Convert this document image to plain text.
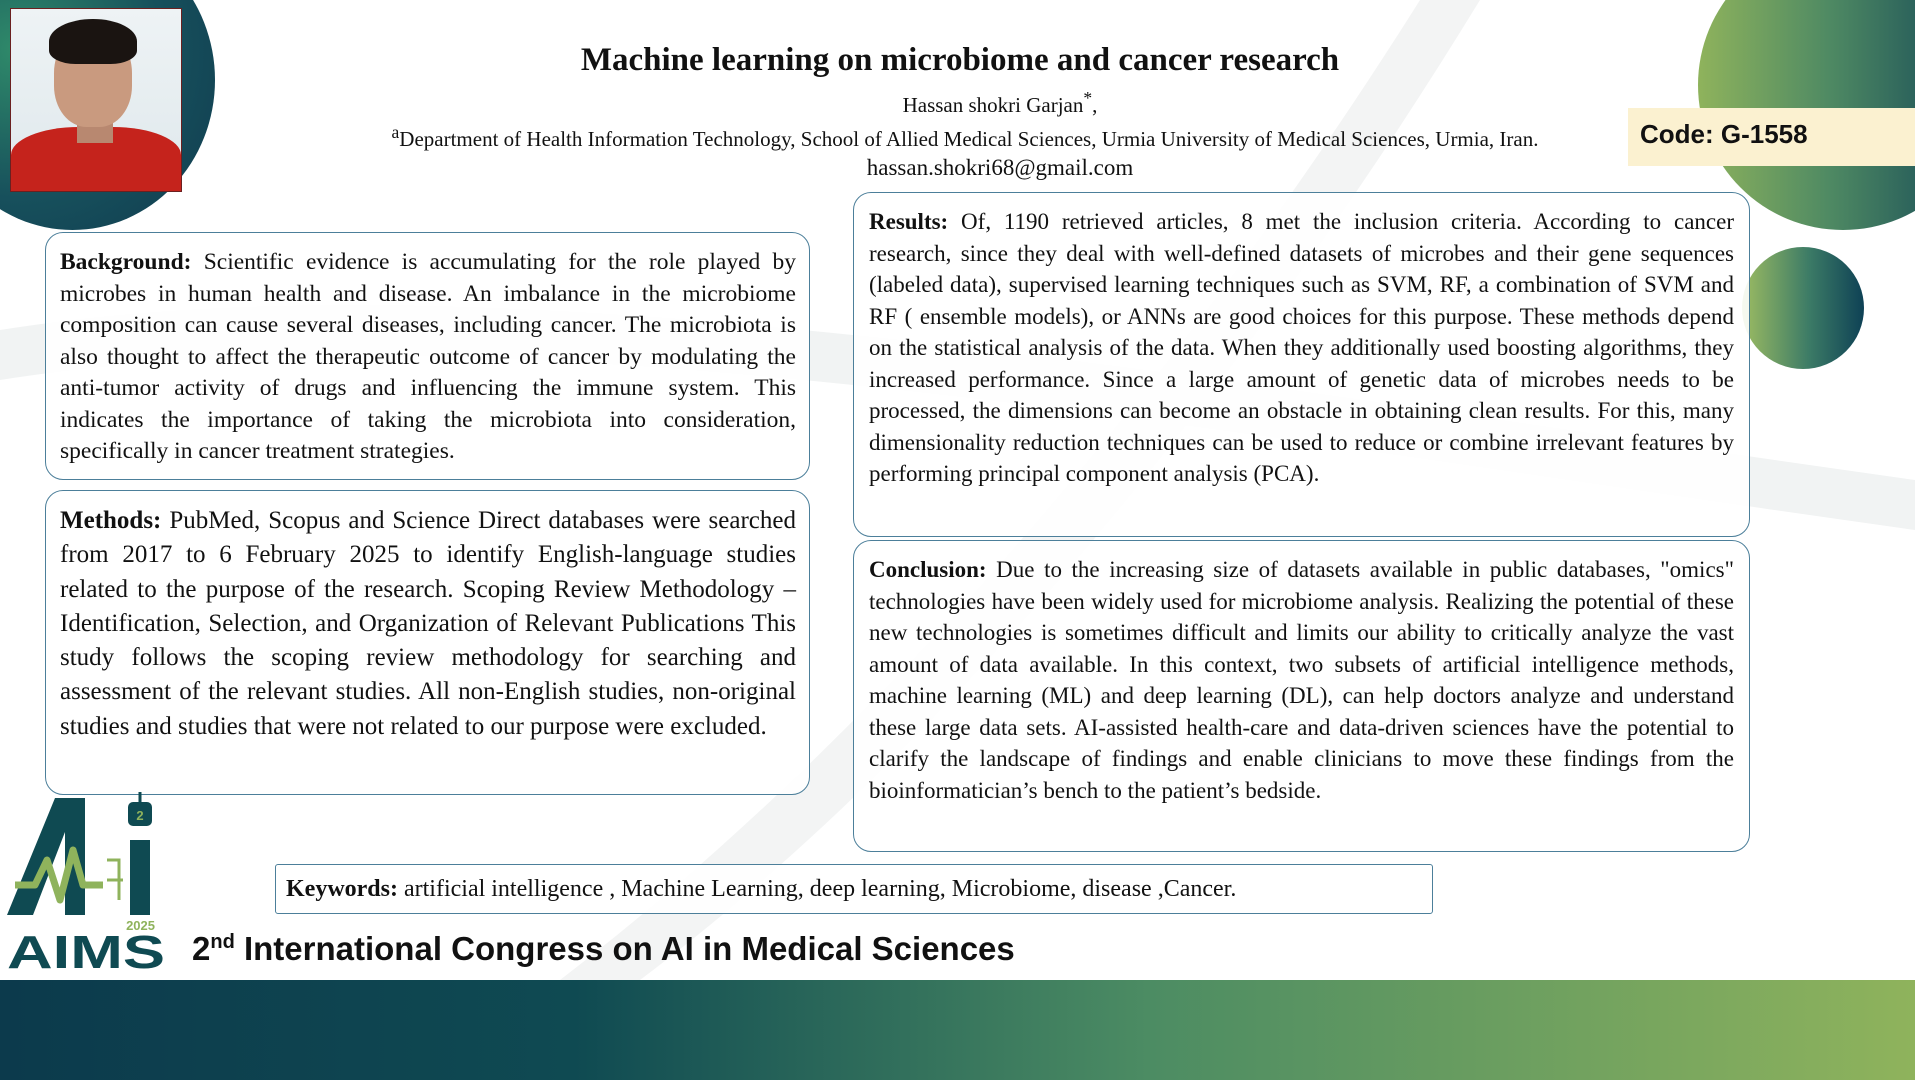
Machine learning on microbiome and cancer research
Hassan shokri Garjan*,
$^a$Department of Health Information Technology, School of Allied Medical Sciences, Urmia University of Medical Sciences, Urmia, Iran.
hassan.shokri68@gmail.com
Code: G-1558
Background: Scientific evidence is accumulating for the role played by microbes in human health and disease. An imbalance in the microbiome composition can cause several diseases, including cancer. The microbiota is also thought to affect the therapeutic outcome of cancer by modulating the anti-tumor activity of drugs and influencing the immune system. This indicates the importance of taking the microbiota into consideration, specifically in cancer treatment strategies.
Methods: PubMed, Scopus and Science Direct databases were searched from 2017 to 6 February 2025 to identify English-language studies related to the purpose of the research. Scoping Review Methodology – Identification, Selection, and Organization of Relevant Publications This study follows the scoping review methodology for searching and assessment of the relevant studies. All non-English studies, non-original studies and studies that were not related to our purpose were excluded.
Results: Of, 1190 retrieved articles, 8 met the inclusion criteria. According to cancer research, since they deal with well-defined datasets of microbes and their gene sequences (labeled data), supervised learning techniques such as SVM, RF, a combination of SVM and RF ( ensemble models), or ANNs are good choices for this purpose. These methods depend on the statistical analysis of the data. When they additionally used boosting algorithms, they increased performance. Since a large amount of genetic data of microbes needs to be processed, the dimensions can become an obstacle in obtaining clean results. For this, many dimensionality reduction techniques can be used to reduce or combine irrelevant features by performing principal component analysis (PCA).
Conclusion: Due to the increasing size of datasets available in public databases, "omics" technologies have been widely used for microbiome analysis. Realizing the potential of these new technologies is sometimes difficult and limits our ability to critically analyze the vast amount of data available. In this context, two subsets of artificial intelligence methods, machine learning (ML) and deep learning (DL), can help doctors analyze and understand these large data sets. AI-assisted health-care and data-driven sciences have the potential to clarify the landscape of findings and enable clinicians to move these findings from the bioinformatician’s bench to the patient’s bedside.
Keywords: artificial intelligence , Machine Learning, deep learning, Microbiome, disease ,Cancer.
2
2025
AIMS 2nd International Congress on AI in Medical Sciences
